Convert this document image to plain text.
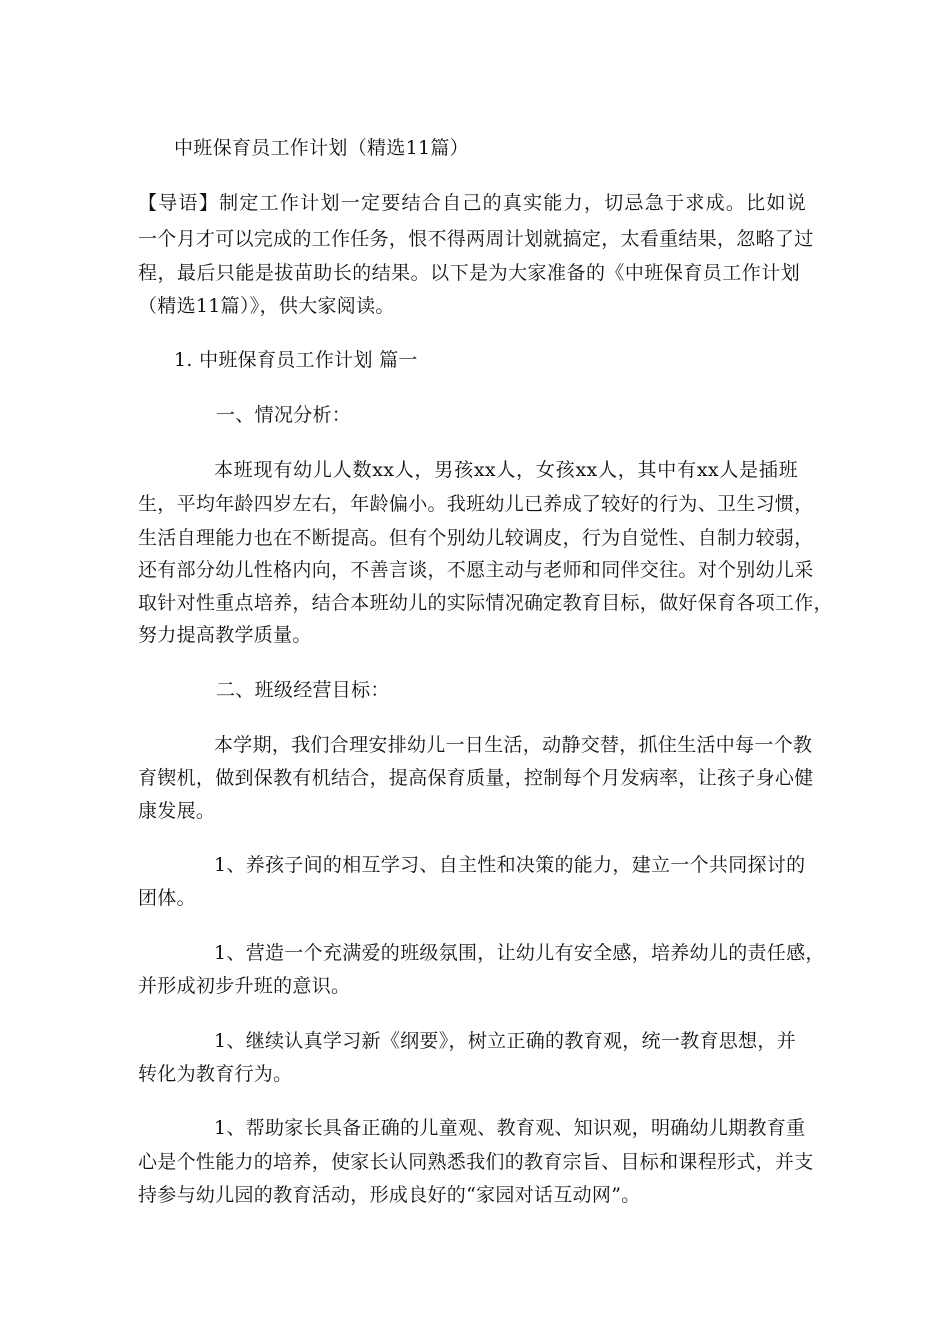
中班保育员工作计划（精选11篇）
【导语】制定工作计划一定要结合自己的真实能力，切忌急于求成。比如说
一个月才可以完成的工作任务，恨不得两周计划就搞定，太看重结果，忽略了过
程，最后只能是拔苗助长的结果。以下是为大家准备的《中班保育员工作计划
（精选11篇）》，供大家阅读。
1. 中班保育员工作计划 篇一
一、情况分析：
本班现有幼儿人数xx人，男孩xx人，女孩xx人，其中有xx人是插班
生，平均年龄四岁左右，年龄偏小。我班幼儿已养成了较好的行为、卫生习惯，
生活自理能力也在不断提高。但有个别幼儿较调皮，行为自觉性、自制力较弱，
还有部分幼儿性格内向，不善言谈，不愿主动与老师和同伴交往。对个别幼儿采
取针对性重点培养，结合本班幼儿的实际情况确定教育目标，做好保育各项工作，
努力提高教学质量。
二、班级经营目标：
本学期，我们合理安排幼儿一日生活，动静交替，抓住生活中每一个教
育锲机，做到保教有机结合，提高保育质量，控制每个月发病率，让孩子身心健
康发展。
1、养孩子间的相互学习、自主性和决策的能力，建立一个共同探讨的
团体。
1、营造一个充满爱的班级氛围，让幼儿有安全感，培养幼儿的责任感，
并形成初步升班的意识。
1、继续认真学习新《纲要》，树立正确的教育观，统一教育思想，并
转化为教育行为。
1、帮助家长具备正确的儿童观、教育观、知识观，明确幼儿期教育重
心是个性能力的培养，使家长认同熟悉我们的教育宗旨、目标和课程形式，并支
持参与幼儿园的教育活动，形成良好的“家园对话互动网”。
